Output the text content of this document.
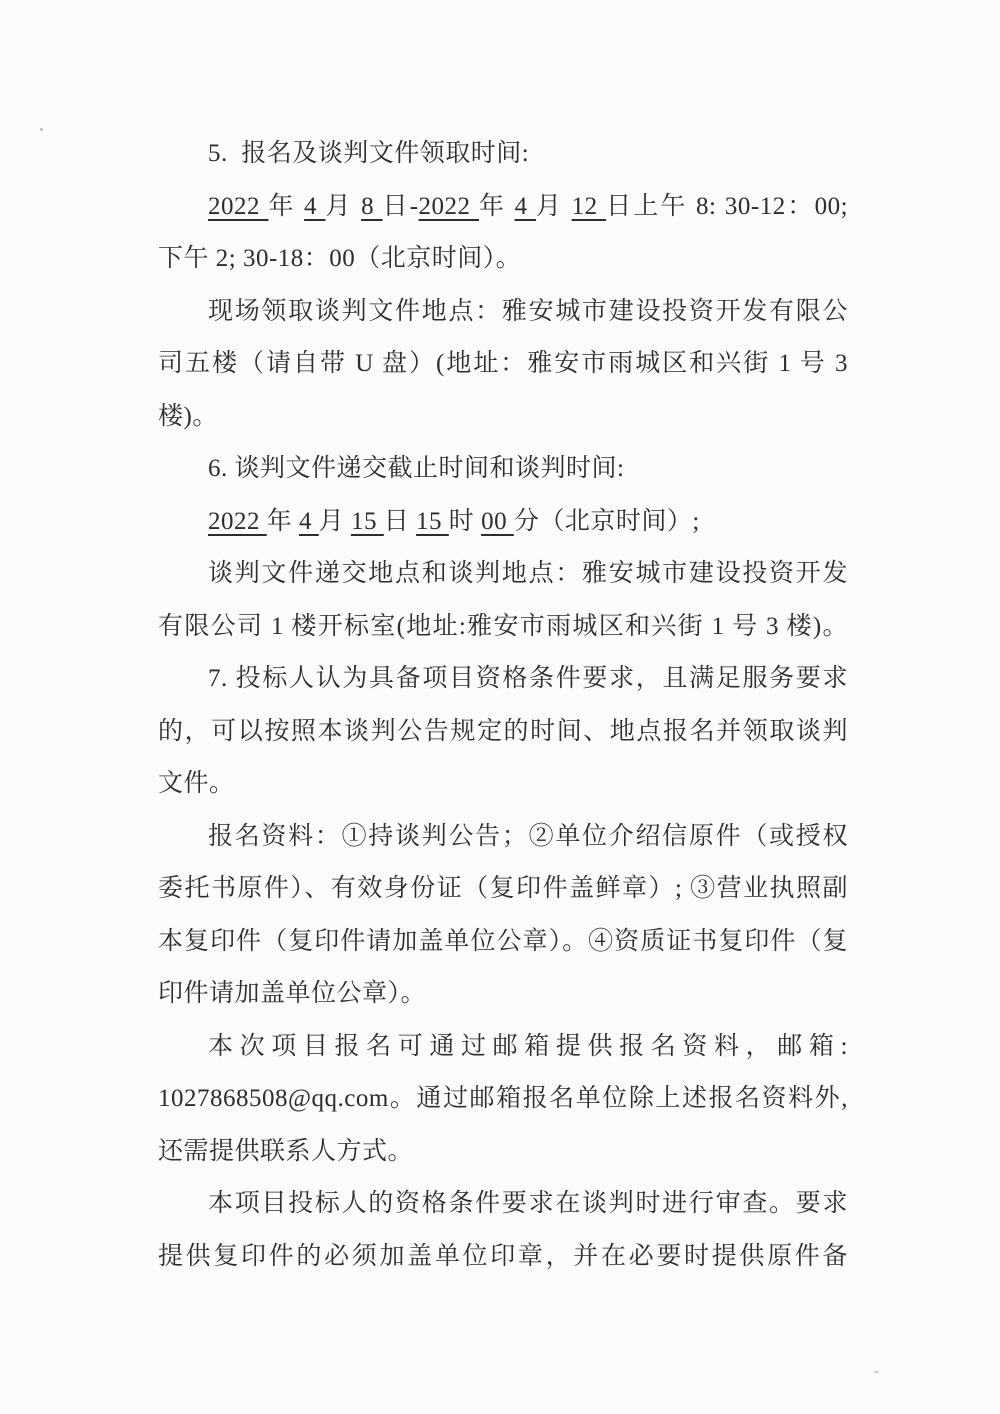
5.  报名及谈判文件领取时间:
2022 年 4 月 8 日-2022 年 4 月 12 日上午 8: 30-12：00;
下午 2; 30-18：00（北京时间）。
现场领取谈判文件地点：雅安城市建设投资开发有限公
司五楼（请自带 U 盘）(地址：雅安市雨城区和兴街 1 号 3
楼)。
6. 谈判文件递交截止时间和谈判时间:
2022 年 4 月 15 日 15 时 00 分（北京时间）;
谈判文件递交地点和谈判地点：雅安城市建设投资开发
有限公司 1 楼开标室(地址:雅安市雨城区和兴街 1 号 3 楼)。
7. 投标人认为具备项目资格条件要求，且满足服务要求
的，可以按照本谈判公告规定的时间、地点报名并领取谈判
文件。
报名资料：①持谈判公告；②单位介绍信原件（或授权
委托书原件）、有效身份证（复印件盖鲜章）; ③营业执照副
本复印件（复印件请加盖单位公章）。④资质证书复印件（复
印件请加盖单位公章）。
本次项目报名可通过邮箱提供报名资料，邮箱:
1027868508@qq.com。通过邮箱报名单位除上述报名资料外,
还需提供联系人方式。
本项目投标人的资格条件要求在谈判时进行审查。要求
提供复印件的必须加盖单位印章，并在必要时提供原件备
